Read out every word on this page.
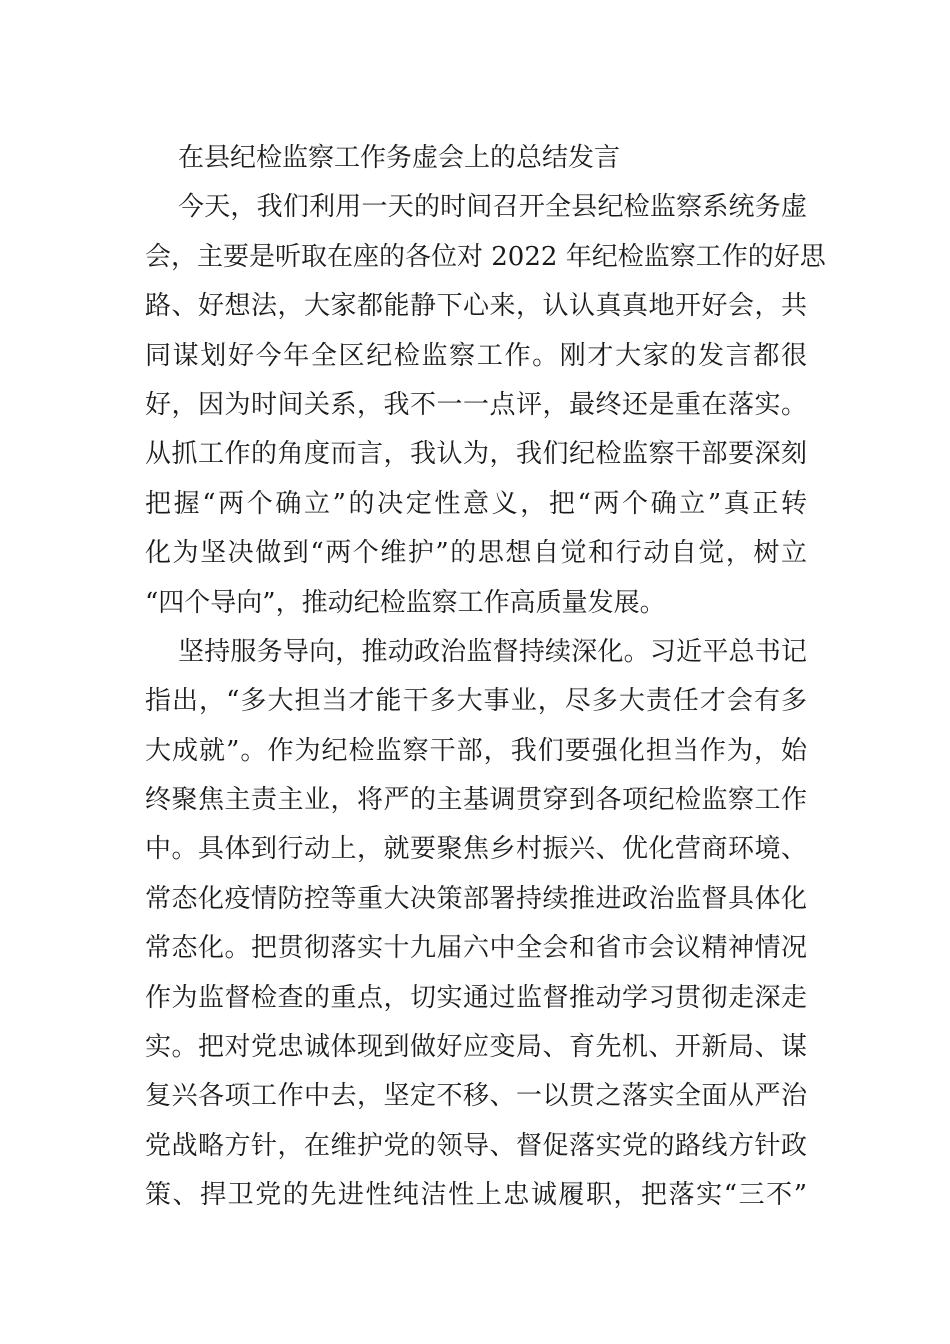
在县纪检监察工作务虚会上的总结发言
今天，我们利用一天的时间召开全县纪检监察系统务虚
会，主要是听取在座的各位对 2022 年纪检监察工作的好思
路、好想法，大家都能静下心来，认认真真地开好会，共
同谋划好今年全区纪检监察工作。刚才大家的发言都很
好，因为时间关系，我不一一点评，最终还是重在落实。
从抓工作的角度而言，我认为，我们纪检监察干部要深刻
把握“两个确立”的决定性意义，把“两个确立”真正转
化为坚决做到“两个维护”的思想自觉和行动自觉，树立
“四个导向”，推动纪检监察工作高质量发展。
坚持服务导向，推动政治监督持续深化。习近平总书记
指出，“多大担当才能干多大事业，尽多大责任才会有多
大成就”。作为纪检监察干部，我们要强化担当作为，始
终聚焦主责主业，将严的主基调贯穿到各项纪检监察工作
中。具体到行动上，就要聚焦乡村振兴、优化营商环境、
常态化疫情防控等重大决策部署持续推进政治监督具体化
常态化。把贯彻落实十九届六中全会和省市会议精神情况
作为监督检查的重点，切实通过监督推动学习贯彻走深走
实。把对党忠诚体现到做好应变局、育先机、开新局、谋
复兴各项工作中去，坚定不移、一以贯之落实全面从严治
党战略方针，在维护党的领导、督促落实党的路线方针政
策、捍卫党的先进性纯洁性上忠诚履职，把落实“三不”
